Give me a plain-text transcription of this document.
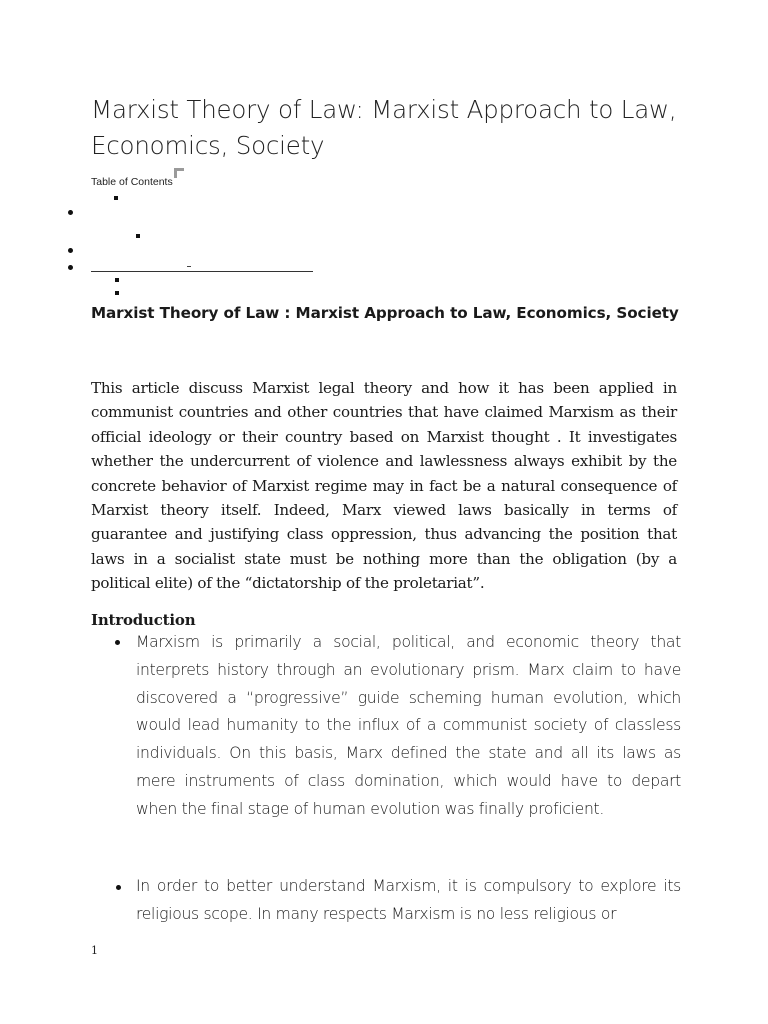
Marxist Theory of Law: Marxist Approach to Law, Economics, Society
Table of Contents
Marxist Theory of Law : Marxist Approach to Law, Economics, Society

This article discuss Marxist legal theory and how it has been applied in communist countries and other countries that have claimed Marxism as their official ideology or their country based on Marxist thought . It investigates whether the undercurrent of violence and lawlessness always exhibit by the concrete behavior of Marxist regime may in fact be a natural consequence of Marxist theory itself. Indeed, Marx viewed laws basically in terms of guarantee and justifying class oppression, thus advancing the position that laws in a socialist state must be nothing more than the obligation (by a political elite) of the “dictatorship of the proletariat”.

Introduction
Marxism is primarily a social, political, and economic theory that interprets history through an evolutionary prism. Marx claim to have discovered a “progressive” guide scheming human evolution, which would lead humanity to the influx of a communist society of classless individuals. On this basis, Marx defined the state and all its laws as mere instruments of class domination, which would have to depart when the final stage of human evolution was finally proficient.
In order to better understand Marxism, it is compulsory to explore its religious scope. In many respects Marxism is no less religious or
1
